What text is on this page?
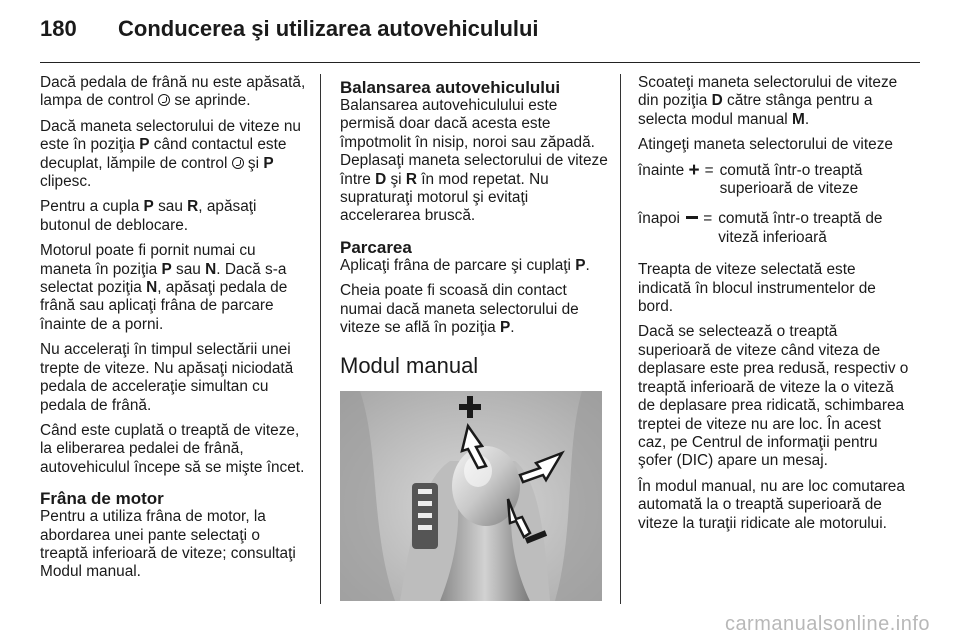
180 Conducerea şi utilizarea autovehiculului

Dacă pedala de frână nu este apăsată, lampa de control  se aprinde.

Dacă maneta selectorului de viteze nu este în poziţia P când contactul este decuplat, lămpile de control  şi P clipesc.

Pentru a cupla P sau R, apăsaţi butonul de deblocare.

Motorul poate fi pornit numai cu maneta în poziţia P sau N. Dacă s-a selectat poziţia N, apăsaţi pedala de frână sau aplicaţi frâna de parcare înainte de a porni.

Nu acceleraţi în timpul selectării unei trepte de viteze. Nu apăsaţi niciodată pedala de acceleraţie simultan cu pedala de frână.

Când este cuplată o treaptă de viteze, la eliberarea pedalei de frână, autovehiculul începe să se mişte încet.

Frâna de motor

Pentru a utiliza frâna de motor, la abordarea unei pante selectaţi o treaptă inferioară de viteze; consultaţi Modul manual.

Balansarea autovehiculului

Balansarea autovehiculului este permisă doar dacă acesta este împotmolit în nisip, noroi sau zăpadă.

Deplasaţi maneta selectorului de viteze între D şi R în mod repetat. Nu supraturaţi motorul şi evitaţi accelerarea bruscă.

Parcarea

Aplicaţi frâna de parcare şi cuplaţi P.

Cheia poate fi scoasă din contact numai dacă maneta selectorului de viteze se află în poziţia P.

Modul manual

Scoateţi maneta selectorului de viteze din poziţia D către stânga pentru a selecta modul manual M.

Atingeţi maneta selectorului de viteze

înainte + = comută într-o treaptă superioară de viteze
înapoi	= comută într-o treaptă de viteză inferioară

Treapta de viteze selectată este indicată în blocul instrumentelor de bord.

Dacă se selectează o treaptă superioară de viteze când viteza de deplasare este prea redusă, respectiv o treaptă inferioară de viteze la o viteză de deplasare prea ridicată, schimbarea treptei de viteze nu are loc. În acest caz, pe Centrul de informaţii pentru şofer (DIC) apare un mesaj.

În modul manual, nu are loc comutarea automată la o treaptă superioară de viteze la turaţii ridicate ale motorului.

carmanualsonline.info
